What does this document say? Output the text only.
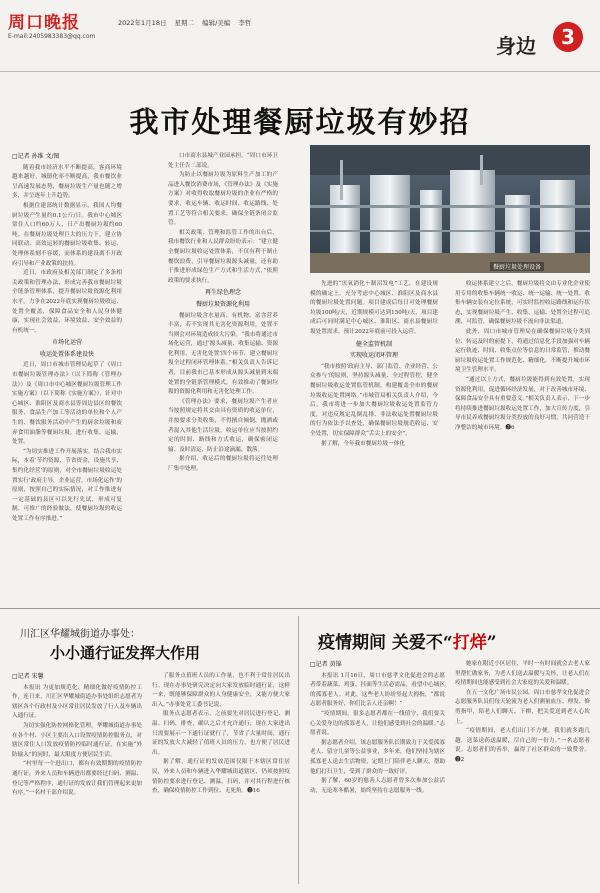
周口晚报
E-mail:2405983383@qq.com
2022年1月18日 星期二 编辑/美编 李哲
身边	3
我市处理餐厨垃圾有妙招
餐厨垃圾处理设备
□记者 孙维 文/图

随着我市经济水平不断提高，客商环境越来越好，城镇化率不断提高，我市餐饮业呈高速发展态势，餐厨垃圾生产量也随之增多，并呈逐年上升趋势。

根据住建部统计数据显示，我国人均餐厨垃圾产生量约0.1公斤/日。我市中心城区常住人口约60万人，日产出餐厨垃圾约60吨。在餐厨垃圾处理巨大的压力下，建立协同联动、高效运转的餐厨垃圾收集、转运、处理体系刻不容缓，而体系的建设离不开政府引导和产业政策的扶持。

近日，市政府及相关部门制定了多条相关政策和管理办法，形成完善我市餐厨垃圾全链条管理体系，提升餐厨垃圾资源化利用水平。力争在2022年底实现餐厨垃圾收运、处置全覆盖，保障食品安全和人民身体健康，实现社会效益、环境效益、安全效益的有机统一。

市场化运营
收运处置体系建设快

近日，周口市城市管理局起草了《周口市餐厨垃圾管理办法》（以下简称《管理办法》）及《周口市中心城区餐厨垃圾管理工作实施方案》（以下简称《实施方案》），针对中心城区、淮阳区及商水县等周边县区的餐饮服务、食品生产加工等活动的单位和个人产生的、餐饮服务活动中产生的厨余垃圾和废弃食用油脂等餐厨垃圾，进行收集、运输、处置。

“为切实推进工作开展落实，结合我市实际，本着‘节约资源、节省资金，设施共享、集约化经营’的原则，对全市餐厨垃圾收运处置实行‘政府主导，企业运营，市场化运作’的原则，按照自己的实际情况，对工作推进有一定基础的县区可以先行先试，形成可复制、可推广的经验做法，使餐厨垃圾的收运处置工作有序推进。”

口市商水县城产业园承担。“周口市环卫处主任告二部说。

为防止以餐厨垃圾为原料生产加工的产品进入餐饮消费市场，《管理办法》及《实施方案》对收得收取餐厨垃圾的企业有严格的要求，收运车辆、收运时间、收运路线、处置工艺等符合相关要求，确保全链条闭合监管。

相关政策、管理和监管工作的出台后，我市餐饮行业和人民群众纷纷表示：“建立健全餐厨垃圾收运处置体系，不仅有利于制止餐饮浪费，引导餐厨垃圾源头减量，还有助于推进形成绿色生产方式和生活方式，”依照政策的要求执行。

再生绿色理念
餐厨垃圾资源化利用

餐厨垃圾含水量高、有机物、富含营养丰富，若不实现其无害化资源利用，处置不当则会对环境造成较大污染。“我市将通过市场化运营，通过‘源头减量、收集运输、资源化利用、无害化处置’四个环节，建立餐厨垃圾全过程闭环管理体系。”相关负责人告诉记者，目前我市已基本形成从源头减量到末端处置的全链条管理模式，有效推动了餐厨垃圾的资源化利用和无害化处理工作。

《管理办法》要求，餐厨垃圾产生者应当按照规定将其交由具有资质的收运单位，并按要求分类收集，不得擅自倾倒、抛洒或者混入其他生活垃圾。收运单位应当按照约定的时间、路线和方式收运，确保密闭运输、及时清运，防止沿途滴漏、散落。

据介绍，收运后的餐厨垃圾将运往处理厂集中处理。

先进的“厌氧消化＋制沼发电”工艺，在建设规模的确定上，充分考虑中心城区、淮阳区及商水县的餐厨垃圾处置问题。项目建成后每日可处理餐厨垃圾100吨/天，近期规模可达到150吨/天，项目建成后可同时满足中心城区、淮阳区、商水县餐厨垃圾处置需求。预计2022年底前可投入运营。

健全监管机制
实现收运闭环管理

“我市按照‘政府主导、部门监管、企业经营、公众参与’的原则，坚持源头减量、全过程管控，健全餐厨垃圾收运处置监管机制，构建覆盖全市的餐厨垃圾收运处置网络。”市城管局相关负责人介绍，今后，我市将进一步加大餐厨垃圾收运处置监管力度，对违反规定乱倒乱排、非法收运处置餐厨垃圾的行为依法予以查处，确保餐厨垃圾规范收运、安全处置，切实保障群众“舌尖上的安全”。

据了解，今年我市餐厨垃圾一体化

收运体系建立之后，餐厨垃圾将交由专业化企业使用专用的收集车辆统一收运、统一运输、统一处置。收集车辆安装有定位系统，可实时监控收运路线和运行状态，实现餐厨垃圾产生、收集、运输、处置全过程可追溯、可监管，确保餐厨垃圾不流向非法渠道。

此外，周口市城市管理局在确保餐厨垃圾分类到位、转运及时的前提下，将通过信息化手段加强对车辆运行轨迹、时间、收集点位等信息的日常监管，推动餐厨垃圾收运处置工作规范化、精细化，不断提升城市环境卫生管理水平。

“通过以上方式，餐厨垃圾能得到有效处置，实现资源化利用，促进循环经济发展，对于改善城市环境、保障食品安全具有重要意义。”相关负责人表示，下一步将持续推进餐厨垃圾收运处置工作，加大宣传力度，引导市民养成餐厨垃圾分类投放的良好习惯，共同营造干净整洁的城市环境。❷6

川汇区华耀城街道办事处：
小小通行证发挥大作用
□记者 宋馨

本报讯 为更加规范化、精细化做好疫情防控工作，连日来，川汇区华耀城街道办事处组织志愿者为辖区各个行政村及小区常住居民发放了行人及车辆出入通行证。

为切实强化防控网格化管理，华耀城街道办事处在各个村、小区主要出入口设置疫情防控服务点，对辖区常住人口发放疫情防控临时通行证，在实施“外防输入”的同时，最大限度方便居民生活。

“村里每一个进出口，都有有效期期的疫情防控通行证，外来人员和车辆进出都要经过扫码、测温、登记等严格程序，通行证的发放让我们管理起来更加有序。”一名村干部介绍说。

了服务点值班人员的工作量，也不利于常住居民出行。现在办事处研究决定向大家发放临时通行证，这样一来，既能够保障群众的人身健康安全，又能方便大家出入。”办事处党工委书记说。

服务点志愿者表示，之前要先对居民进行登记、测温、扫码，排查，确认之后才允许通行，现在大家进出只需要展示一下通行证就行了，节省了大量时间，通行证的发放大大减轻了值班人员的压力，也方便了居民进出。

据了解，通行证的发放范围仅限于本辖区常住居民，外来人员和车辆进入华耀城街道辖区，仍须按照疫情防控要求进行登记、测温、扫码，并对其行程进行核查，确保疫情防控工作到位、无死角。❷16

疫情期间 关爱不“打烊”
□记者 黄锦

本报讯 1月16日，周口市慈孝文化促进会的志愿者带着蔬菜、鸡蛋、挂面等生活必需品，看望中心城区的孤寡老人。对此，这些老人纷纷竖起大拇指，“都说志愿者服务好，你们比亲人还亲啊！”

“疫情期间，很多志愿者都在一线值守，我们要关心关爱身边的孤寡老人，让他们感受到社会的温暖。”志愿者说。

据志愿者介绍，该志愿服务队长期致力于关爱孤寡老人、留守儿童等公益事业，多年来，他们坚持为辖区孤寡老人送去生活物资，定期上门陪伴老人聊天，帮助他们打扫卫生，受到了群众的一致好评。

据了解，60岁的慈善人志愿者曾多次参加公益活动，无论寒冬酷暑，始终坚持在志愿服务一线。

她家在附近小区居住，平时一有时间就会去老人家里帮忙做家务，为老人们送去温暖与关怀，让老人们在疫情期间也能感受到社会大家庭的关爱和温暖。

在五一文化广场市民公园，周口市慈孝文化促进会志愿服务队员们每天轮流为老人们测量血压、理发、修剪指甲，陪老人们聊天、下棋，把关爱送到老人心坎上。

“疫情期间，老人们出门不方便，我们就多跑几趟，送菜送药送温暖，尽自己的一份力。”一名志愿者说。志愿者们的善举，赢得了社区群众的一致赞誉。❷2
